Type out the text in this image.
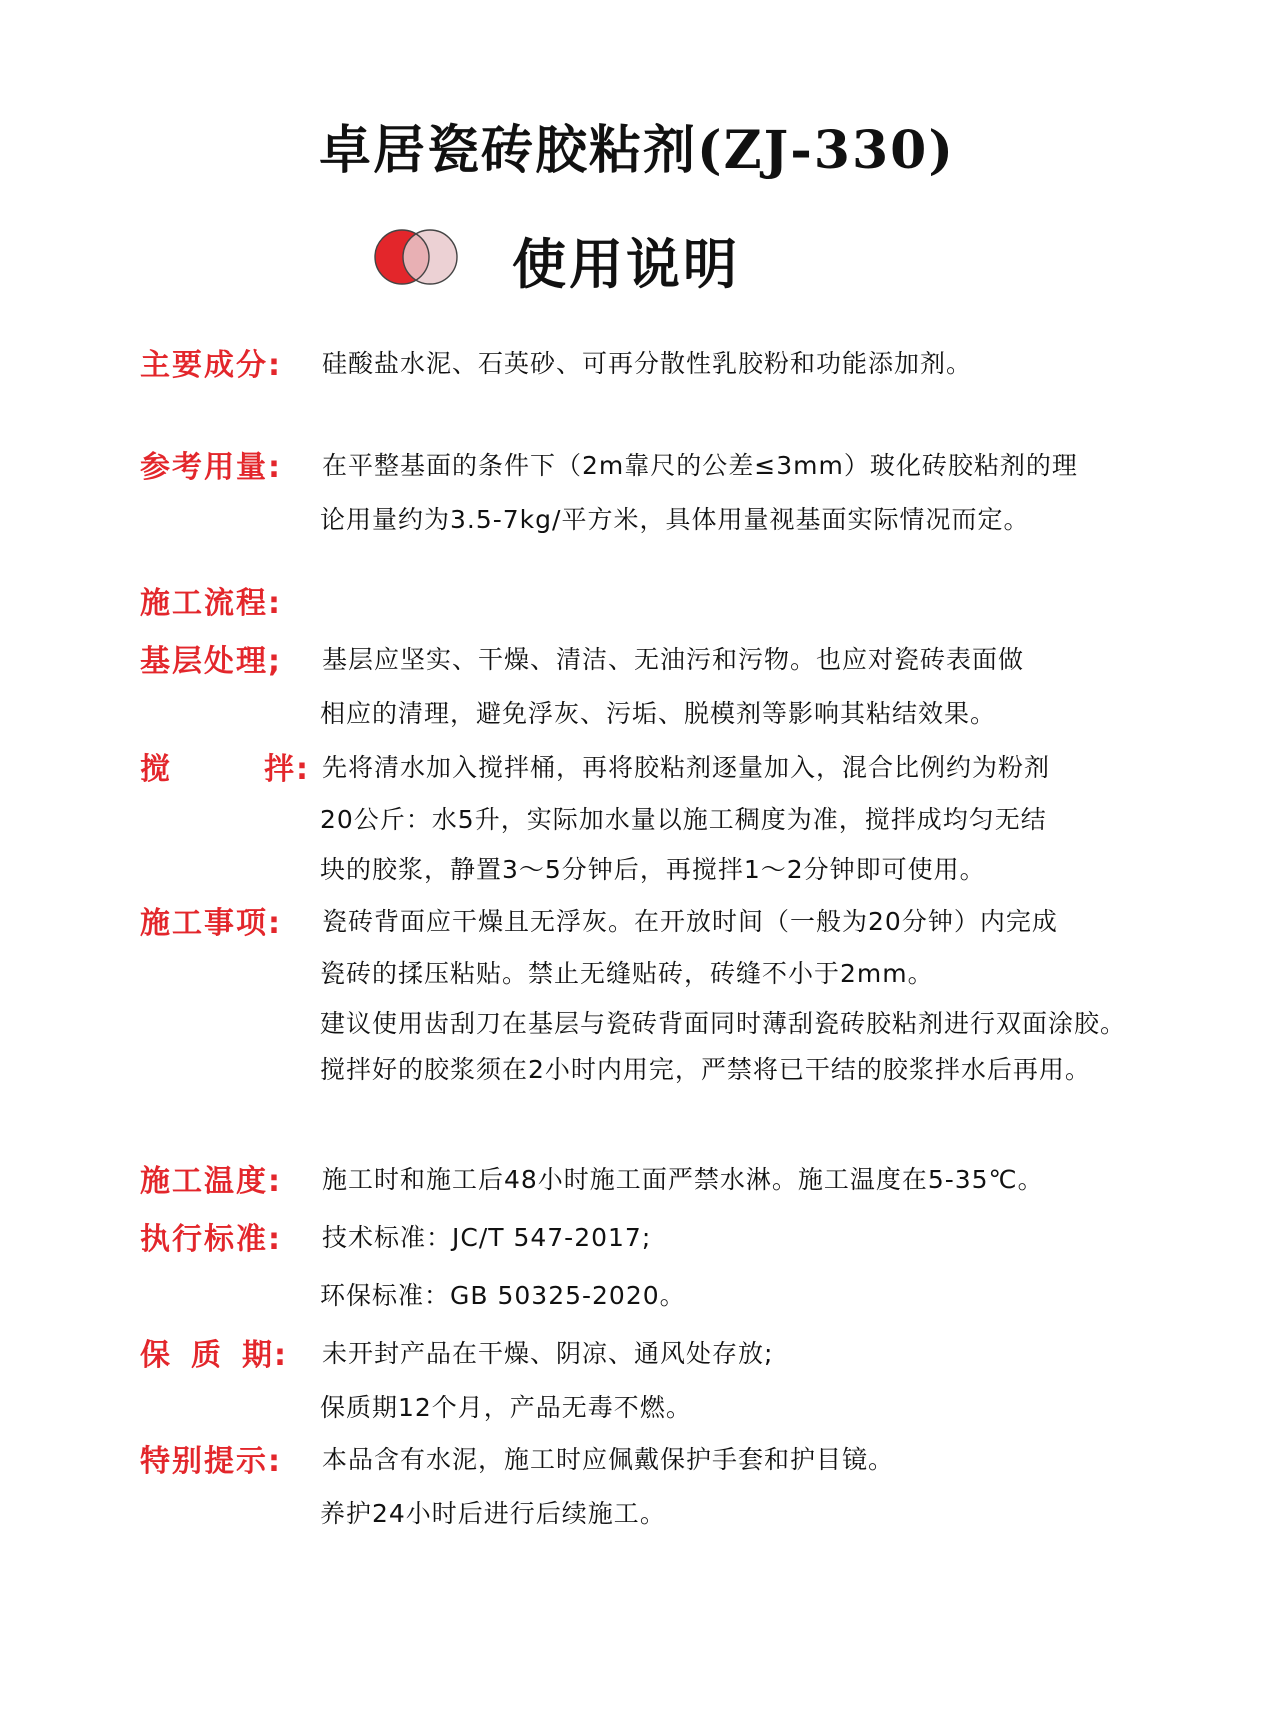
卓居瓷砖胶粘剂(ZJ-330)
使用说明
主要成分: 硅酸盐水泥、石英砂、可再分散性乳胶粉和功能添加剂。
参考用量: 在平整基面的条件下（2m靠尺的公差≤3mm）玻化砖胶粘剂的理
论用量约为3.5-7kg/平方米，具体用量视基面实际情况而定。
施工流程:
基层处理; 基层应坚实、干燥、清洁、无油污和污物。也应对瓷砖表面做
相应的清理，避免浮灰、污垢、脱模剂等影响其粘结效果。
搅	拌: 先将清水加入搅拌桶，再将胶粘剂逐量加入，混合比例约为粉剂
20公斤：水5升，实际加水量以施工稠度为准，搅拌成均匀无结
块的胶浆，静置3～5分钟后，再搅拌1～2分钟即可使用。
施工事项: 瓷砖背面应干燥且无浮灰。在开放时间（一般为20分钟）内完成
瓷砖的揉压粘贴。禁止无缝贴砖，砖缝不小于2mm。
建议使用齿刮刀在基层与瓷砖背面同时薄刮瓷砖胶粘剂进行双面涂胶。
搅拌好的胶浆须在2小时内用完，严禁将已干结的胶浆拌水后再用。
施工温度: 施工时和施工后48小时施工面严禁水淋。施工温度在5-35℃。
执行标准: 技术标准：JC/T 547-2017;
环保标准：GB 50325-2020。
保 质 期: 未开封产品在干燥、阴凉、通风处存放;
保质期12个月，产品无毒不燃。
特别提示: 本品含有水泥，施工时应佩戴保护手套和护目镜。
养护24小时后进行后续施工。
